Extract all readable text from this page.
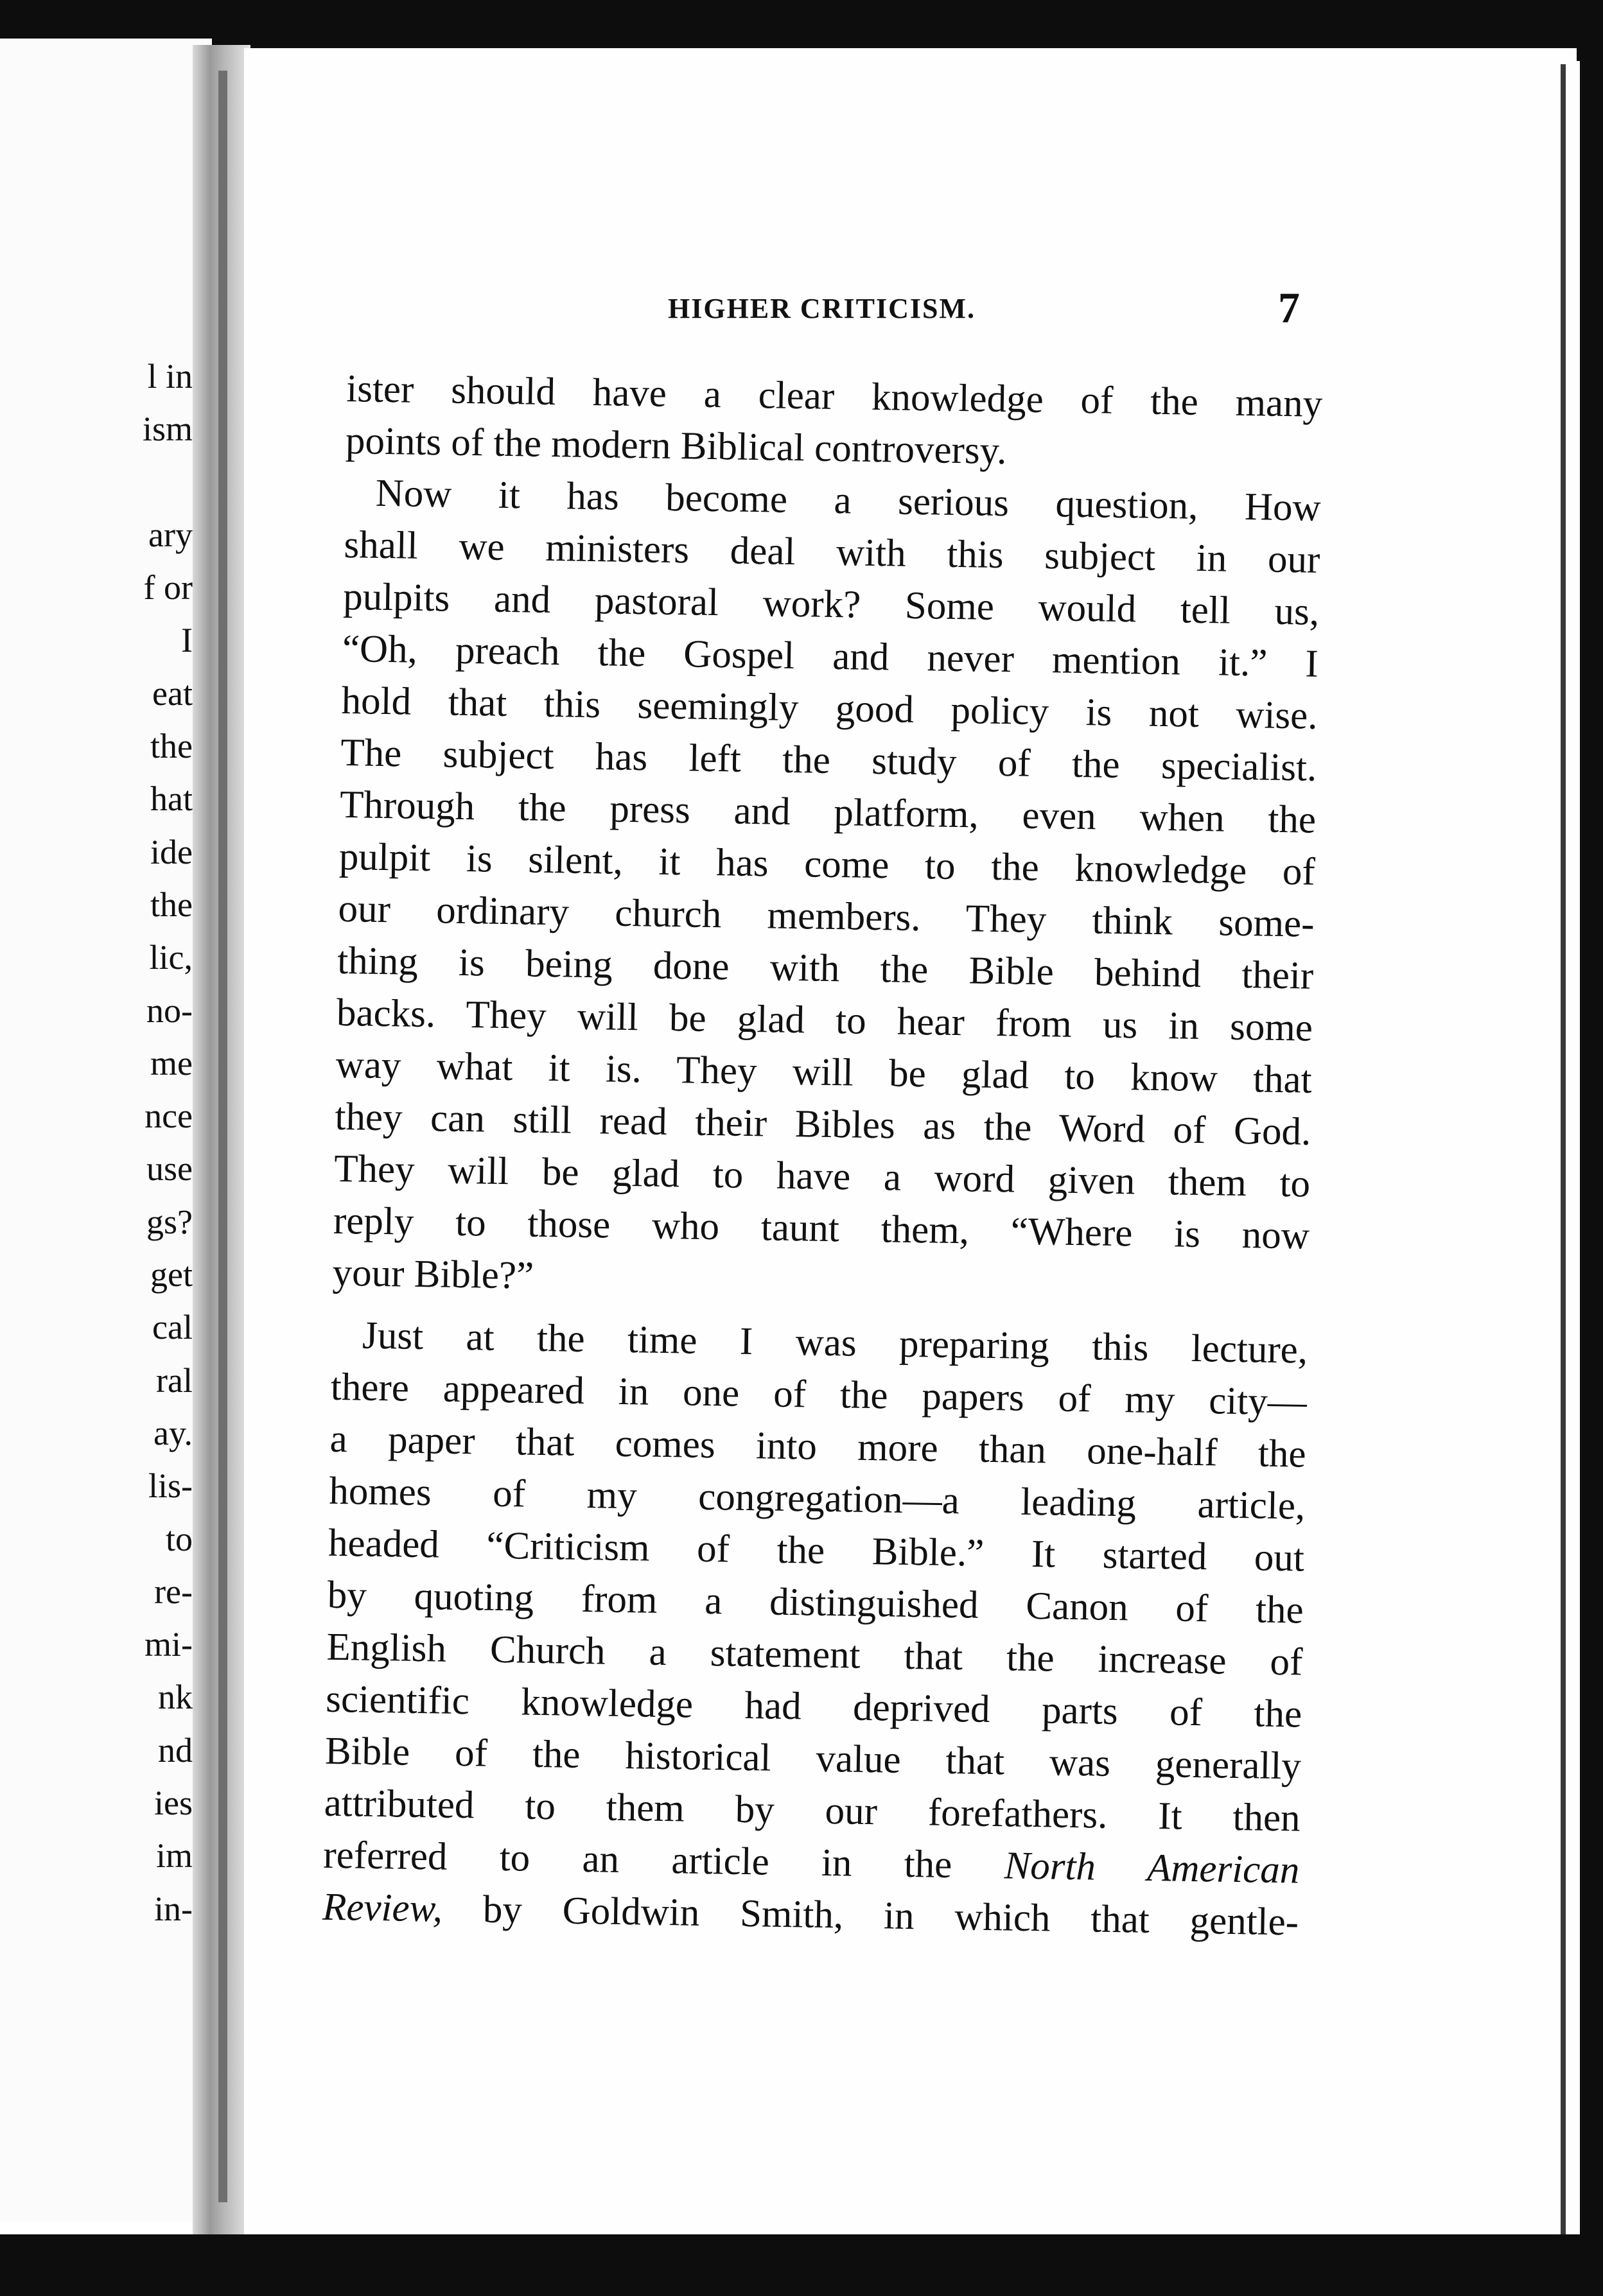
l in
ism
ary
f or
I
eat
the
hat
ide
the
lic,
no-
me
nce
use
gs?
get
cal
ral
ay.
lis-
to
re-
mi-
nk
nd
ies
im
in-
HIGHER CRITICISM.	7
ister should have a clear knowledge of the many
points of the modern Biblical controversy.
Now it has become a serious question, How
shall we ministers deal with this subject in our
pulpits and pastoral work? Some would tell us,
“Oh, preach the Gospel and never mention it.” I
hold that this seemingly good policy is not wise.
The subject has left the study of the specialist.
Through the press and platform, even when the
pulpit is silent, it has come to the knowledge of
our ordinary church members. They think some-
thing is being done with the Bible behind their
backs. They will be glad to hear from us in some
way what it is. They will be glad to know that
they can still read their Bibles as the Word of God.
They will be glad to have a word given them to
reply to those who taunt them, “Where is now
your Bible?”
Just at the time I was preparing this lecture,
there appeared in one of the papers of my city—
a paper that comes into more than one-half the
homes of my congregation—a leading article,
headed “Criticism of the Bible.” It started out
by quoting from a distinguished Canon of the
English Church a statement that the increase of
scientific knowledge had deprived parts of the
Bible of the historical value that was generally
attributed to them by our forefathers. It then
referred to an article in the North American
Review, by Goldwin Smith, in which that gentle-
